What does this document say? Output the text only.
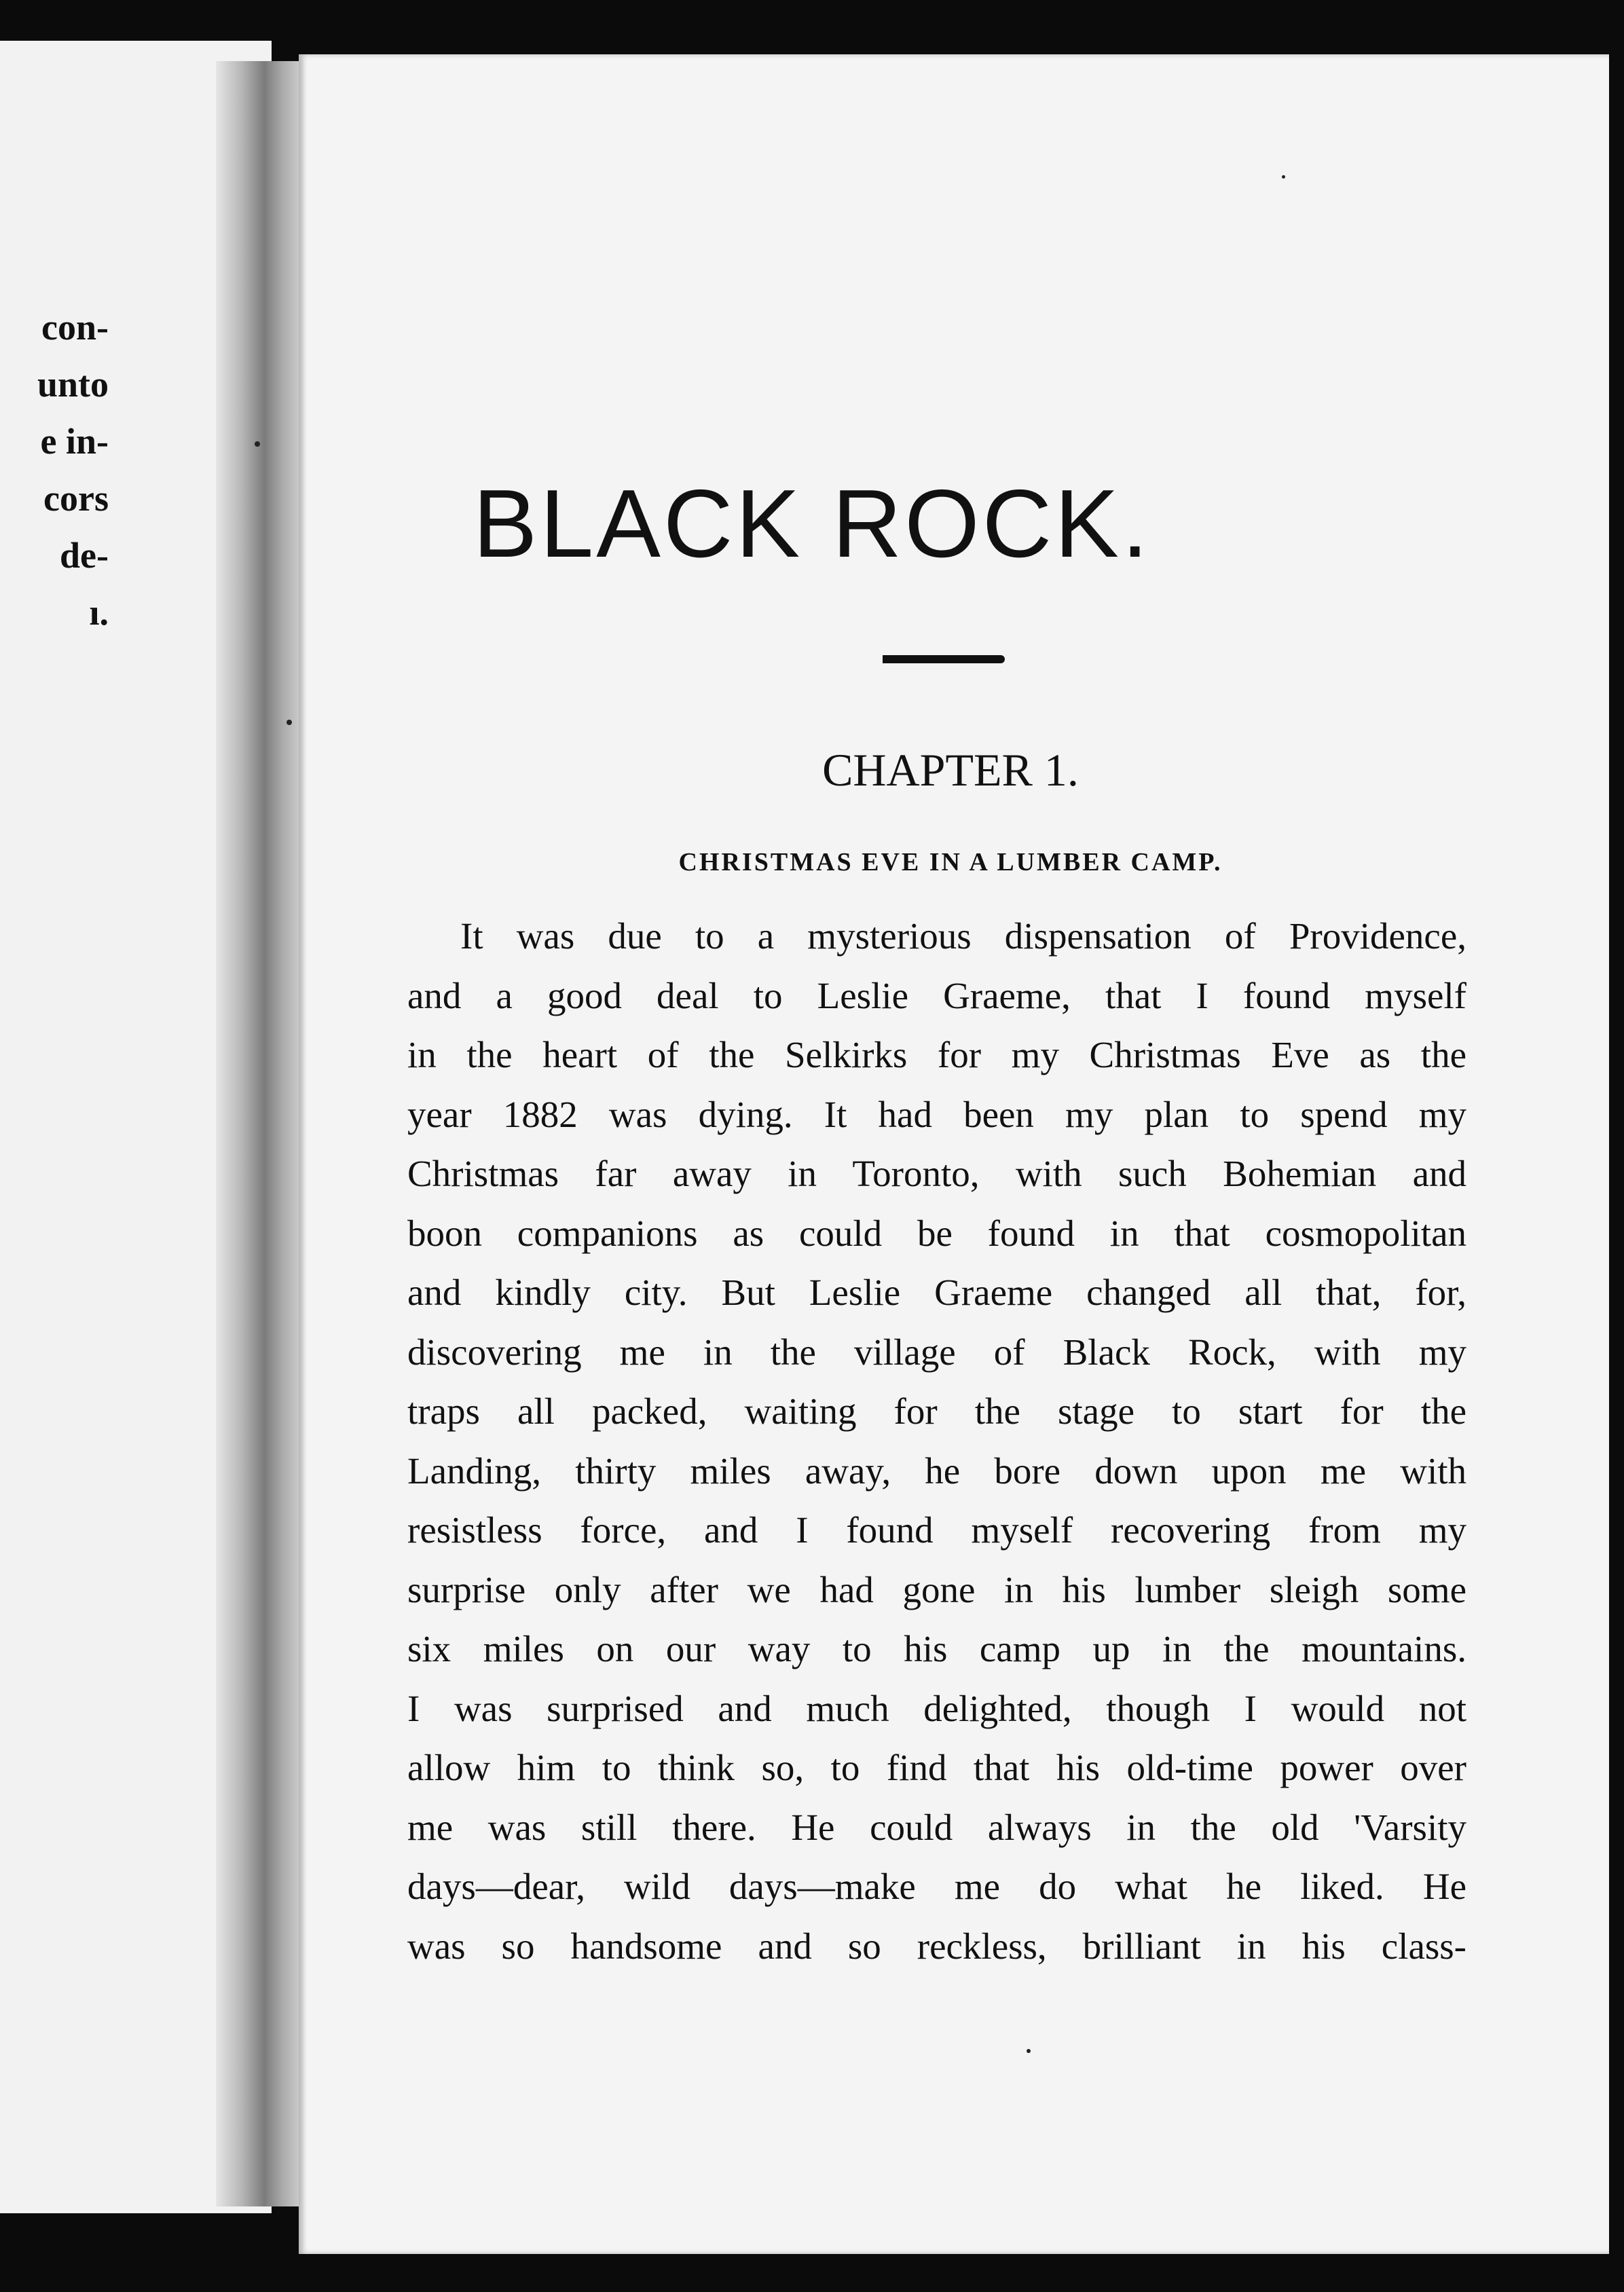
con-
unto
e in-
cors
de-
ı.
BLACK ROCK.
CHAPTER 1.
CHRISTMAS EVE IN A LUMBER CAMP.
It was due to a mysterious dispensation of Providence,
and a good deal to Leslie Graeme, that I found myself
in the heart of the Selkirks for my Christmas Eve as the
year 1882 was dying. It had been my plan to spend my
Christmas far away in Toronto, with such Bohemian and
boon companions as could be found in that cosmopolitan
and kindly city. But Leslie Graeme changed all that, for,
discovering me in the village of Black Rock, with my
traps all packed, waiting for the stage to start for the
Landing, thirty miles away, he bore down upon me with
resistless force, and I found myself recovering from my
surprise only after we had gone in his lumber sleigh some
six miles on our way to his camp up in the mountains.
I was surprised and much delighted, though I would not
allow him to think so, to find that his old-time power over
me was still there. He could always in the old 'Varsity
days—dear, wild days—make me do what he liked. He
was so handsome and so reckless, brilliant in his class-
